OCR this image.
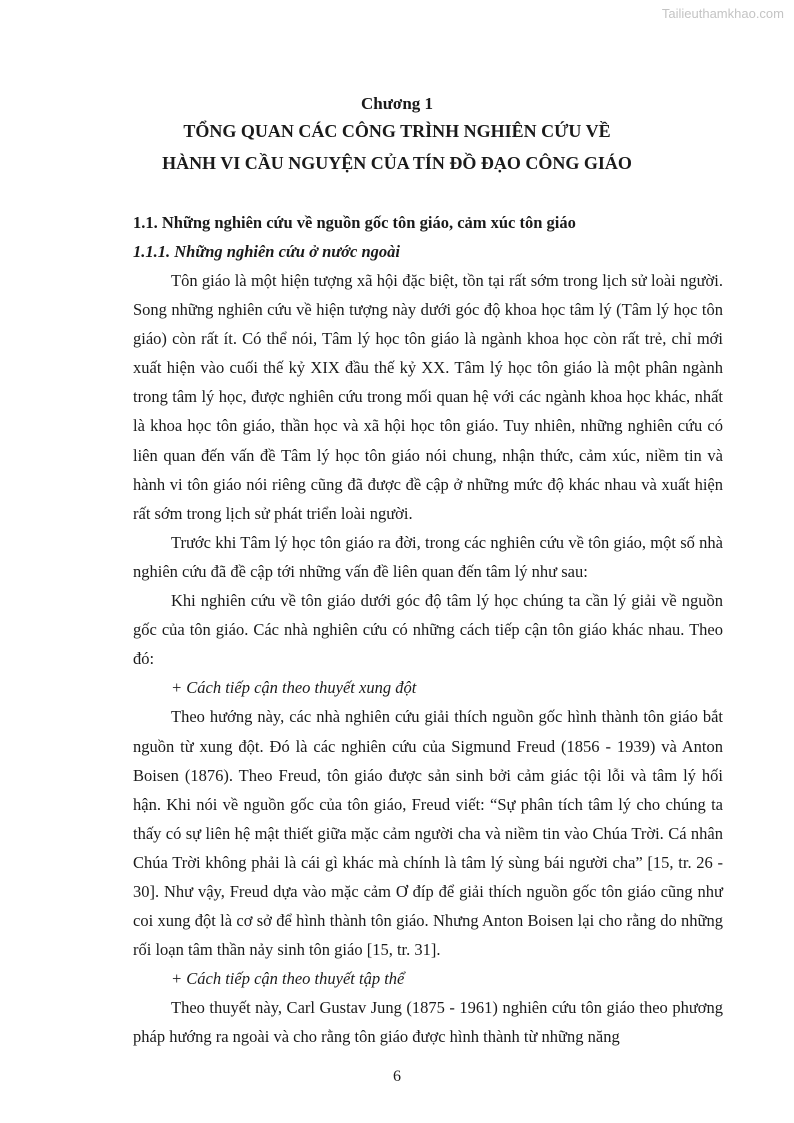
Tailieuthamkhao.com
Chương 1
TỔNG QUAN CÁC CÔNG TRÌNH NGHIÊN CỨU VỀ
HÀNH VI CẦU NGUYỆN CỦA TÍN ĐỒ ĐẠO CÔNG GIÁO
1.1. Những nghiên cứu về nguồn gốc tôn giáo, cảm xúc tôn giáo
1.1.1. Những nghiên cứu ở nước ngoài

Tôn giáo là một hiện tượng xã hội đặc biệt, tồn tại rất sớm trong lịch sử loài người. Song những nghiên cứu về hiện tượng này dưới góc độ khoa học tâm lý (Tâm lý học tôn giáo) còn rất ít. Có thể nói, Tâm lý học tôn giáo là ngành khoa học còn rất trẻ, chỉ mới xuất hiện vào cuối thế kỷ XIX đầu thế kỷ XX. Tâm lý học tôn giáo là một phân ngành trong tâm lý học, được nghiên cứu trong mối quan hệ với các ngành khoa học khác, nhất là khoa học tôn giáo, thần học và xã hội học tôn giáo. Tuy nhiên, những nghiên cứu có liên quan đến vấn đề Tâm lý học tôn giáo nói chung, nhận thức, cảm xúc, niềm tin và hành vi tôn giáo nói riêng cũng đã được đề cập ở những mức độ khác nhau và xuất hiện rất sớm trong lịch sử phát triển loài người.

Trước khi Tâm lý học tôn giáo ra đời, trong các nghiên cứu về tôn giáo, một số nhà nghiên cứu đã đề cập tới những vấn đề liên quan đến tâm lý như sau:

Khi nghiên cứu về tôn giáo dưới góc độ tâm lý học chúng ta cần lý giải về nguồn gốc của tôn giáo. Các nhà nghiên cứu có những cách tiếp cận tôn giáo khác nhau. Theo đó:

+ Cách tiếp cận theo thuyết xung đột

Theo hướng này, các nhà nghiên cứu giải thích nguồn gốc hình thành tôn giáo bắt nguồn từ xung đột. Đó là các nghiên cứu của Sigmund Freud (1856 - 1939) và Anton Boisen (1876). Theo Freud, tôn giáo được sản sinh bởi cảm giác tội lỗi và tâm lý hối hận. Khi nói về nguồn gốc của tôn giáo, Freud viết: “Sự phân tích tâm lý cho chúng ta thấy có sự liên hệ mật thiết giữa mặc cảm người cha và niềm tin vào Chúa Trời. Cá nhân Chúa Trời không phải là cái gì khác mà chính là tâm lý sùng bái người cha” [15, tr. 26 - 30]. Như vậy, Freud dựa vào mặc cảm Ơ đíp để giải thích nguồn gốc tôn giáo cũng như coi xung đột là cơ sở để hình thành tôn giáo. Nhưng Anton Boisen lại cho rằng do những rối loạn tâm thần nảy sinh tôn giáo [15, tr. 31].

+ Cách tiếp cận theo thuyết tập thể

Theo thuyết này, Carl Gustav Jung (1875 - 1961) nghiên cứu tôn giáo theo phương pháp hướng ra ngoài và cho rằng tôn giáo được hình thành từ những năng

6
